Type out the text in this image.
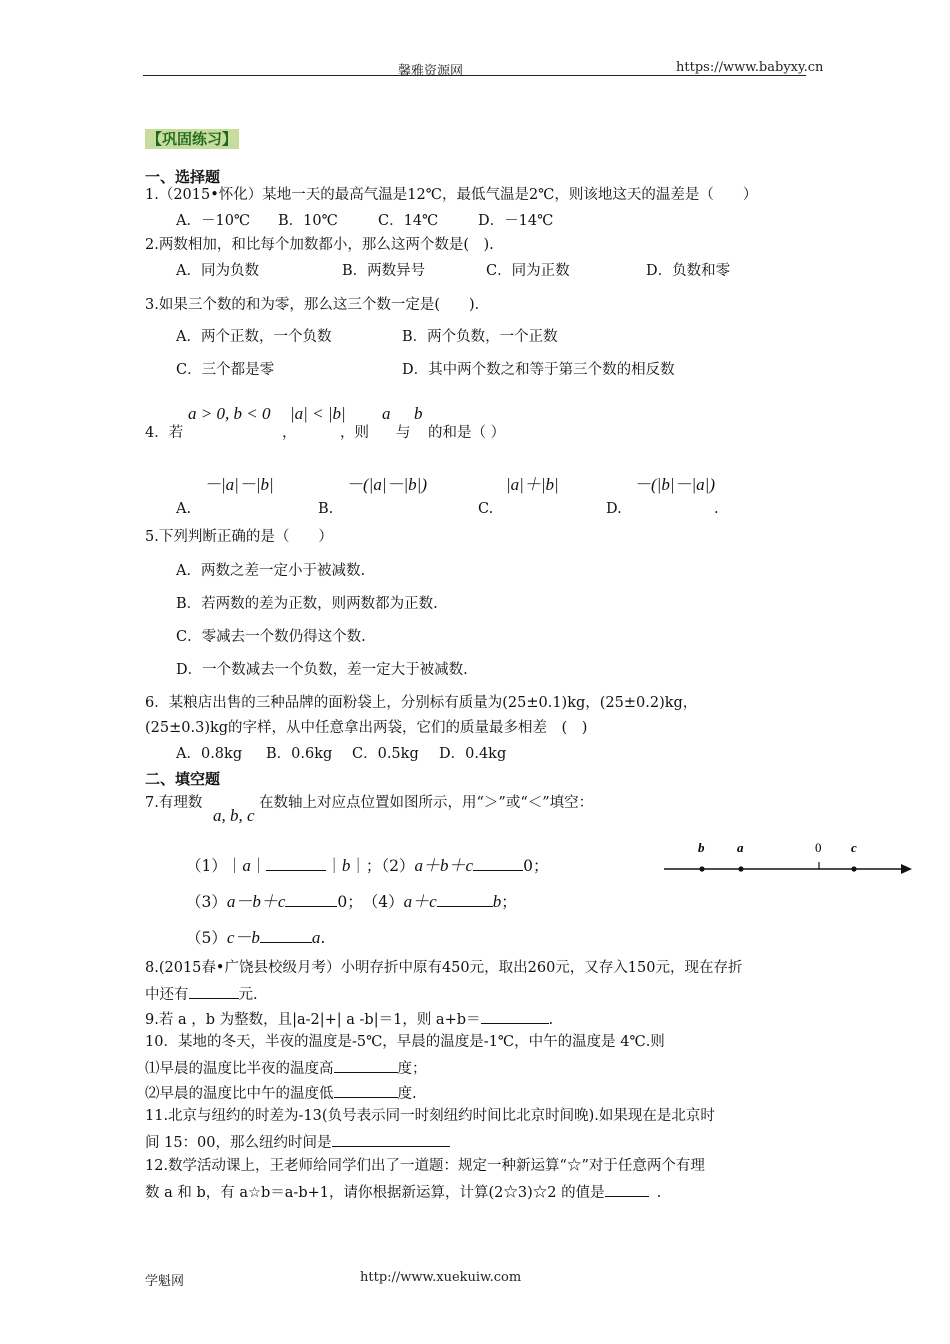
馨雅资源网	https://www.babyxy.cn
【巩固练习】
一、选择题
1.（2015•怀化）某地一天的最高气温是12℃，最低气温是2℃，则该地这天的温差是（　　）
A．－10℃ B．10℃	C．14℃	D．－14℃
2.两数相加，和比每个加数都小，那么这两个数是(　).
A．同为负数	B．两数异号	C．同为正数	D．负数和零
3.如果三个数的和为零，那么这三个数一定是(　　).
A．两个正数，一个负数	B．两个负数，一个正数
C．三个都是零	D．其中两个数之和等于第三个数的相反数
a > 0, b < 0 |a| < |b| a b
4．若	，	，则 与 的和是（ ）
－|a|－|b|	－(|a|－|b|)	|a|＋|b|	－(|b|－|a|)
A.	B.	C.	D.	.
5.下列判断正确的是（　　）
A．两数之差一定小于被减数.
B．若两数的差为正数，则两数都为正数.
C．零减去一个数仍得这个数.
D．一个数减去一个负数，差一定大于被减数.
6．某粮店出售的三种品牌的面粉袋上，分别标有质量为(25±0.1)kg，(25±0.2)kg，
(25±0.3)kg的字样，从中任意拿出两袋，它们的质量最多相差　(　)
A．0.8kg B．0.6kg C．0.5kg D．0.4kg
二、填空题
7.有理数
a, b, c
在数轴上对应点位置如图所示，用“＞”或“＜”填空：
（1）｜a｜	｜b｜；（2）a＋b＋c	0；
（3）a－b＋c	0；　（4）a＋c	b；
（5）c－b	a.
b	a	0 c
8.(2015春•广饶县校级月考）小明存折中原有450元，取出260元，又存入150元，现在存折
中还有	元.
9.若 a ，b 为整数，且|a-2|+| a -b|＝1，则 a+b＝	.
10．某地的冬天，半夜的温度是-5℃，早晨的温度是-1℃，中午的温度是 4℃.则
⑴早晨的温度比半夜的温度高	度；
⑵早晨的温度比中午的温度低	度.
11.北京与纽约的时差为-13(负号表示同一时刻纽约时间比北京时间晚).如果现在是北京时
间 15：00，那么纽约时间是
12.数学活动课上，王老师给同学们出了一道题：规定一种新运算“☆”对于任意两个有理
数 a 和 b，有 a☆b＝a-b+1，请你根据新运算，计算(2☆3)☆2 的值是	.
学魁网	http://www.xuekuiw.com
